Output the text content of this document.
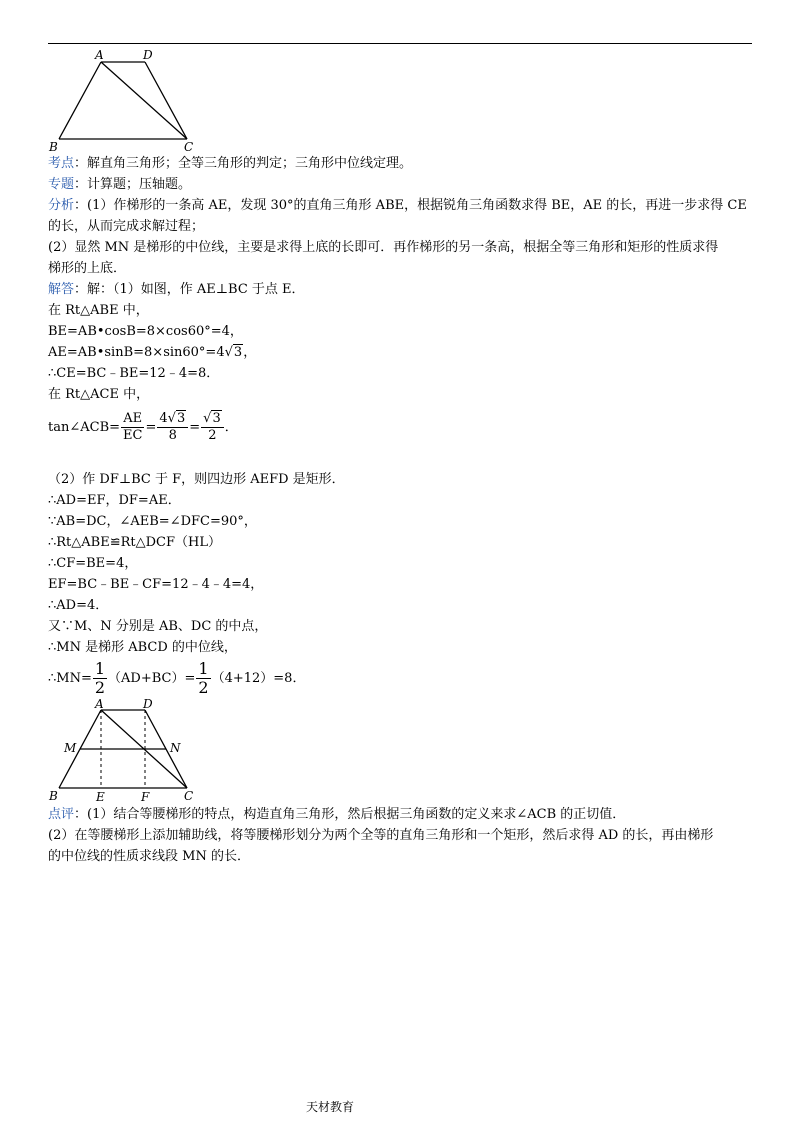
A	D
B	C
考点：解直角三角形；全等三角形的判定；三角形中位线定理。
专题：计算题；压轴题。
分析：(1）作梯形的一条高 AE，发现 30°的直角三角形 ABE，根据锐角三角函数求得 BE，AE 的长，再进一步求得 CE
的长，从而完成求解过程；
(2）显然 MN 是梯形的中位线，主要是求得上底的长即可．再作梯形的另一条高，根据全等三角形和矩形的性质求得
梯形的上底．
解答：解：（1）如图，作 AE⊥BC 于点 E．
在 Rt△ABE 中，
BE=AB•cosB=8×cos60°=4，
AE=AB•sinB=8×sin60°=4√3，
∴CE=BC﹣BE=12﹣4=8．
在 Rt△ACE 中，
tan∠ACB= $\frac{AE}{EC} = \frac{4√3}{8} = \frac{√3}{2}$ ．
（2）作 DF⊥BC 于 F，则四边形 AEFD 是矩形．
∴AD=EF，DF=AE．
∵AB=DC，∠AEB=∠DFC=90°，
∴Rt△ABE≌Rt△DCF（HL）
∴CF=BE=4，
EF=BC﹣BE﹣CF=12﹣4﹣4=4，
∴AD=4．
又∵M、N 分别是 AB、DC 的中点，
∴MN 是梯形 ABCD 的中位线，
∴MN= $\frac{1}{2} (AD+BC)= \frac{1}{2} (4+12)=8$．
A	D
M	N
B	E	F	C
点评：(1）结合等腰梯形的特点，构造直角三角形，然后根据三角函数的定义来求∠ACB 的正切值．
(2）在等腰梯形上添加辅助线，将等腰梯形划分为两个全等的直角三角形和一个矩形，然后求得 AD 的长，再由梯形
的中位线的性质求线段 MN 的长．
天材教育
